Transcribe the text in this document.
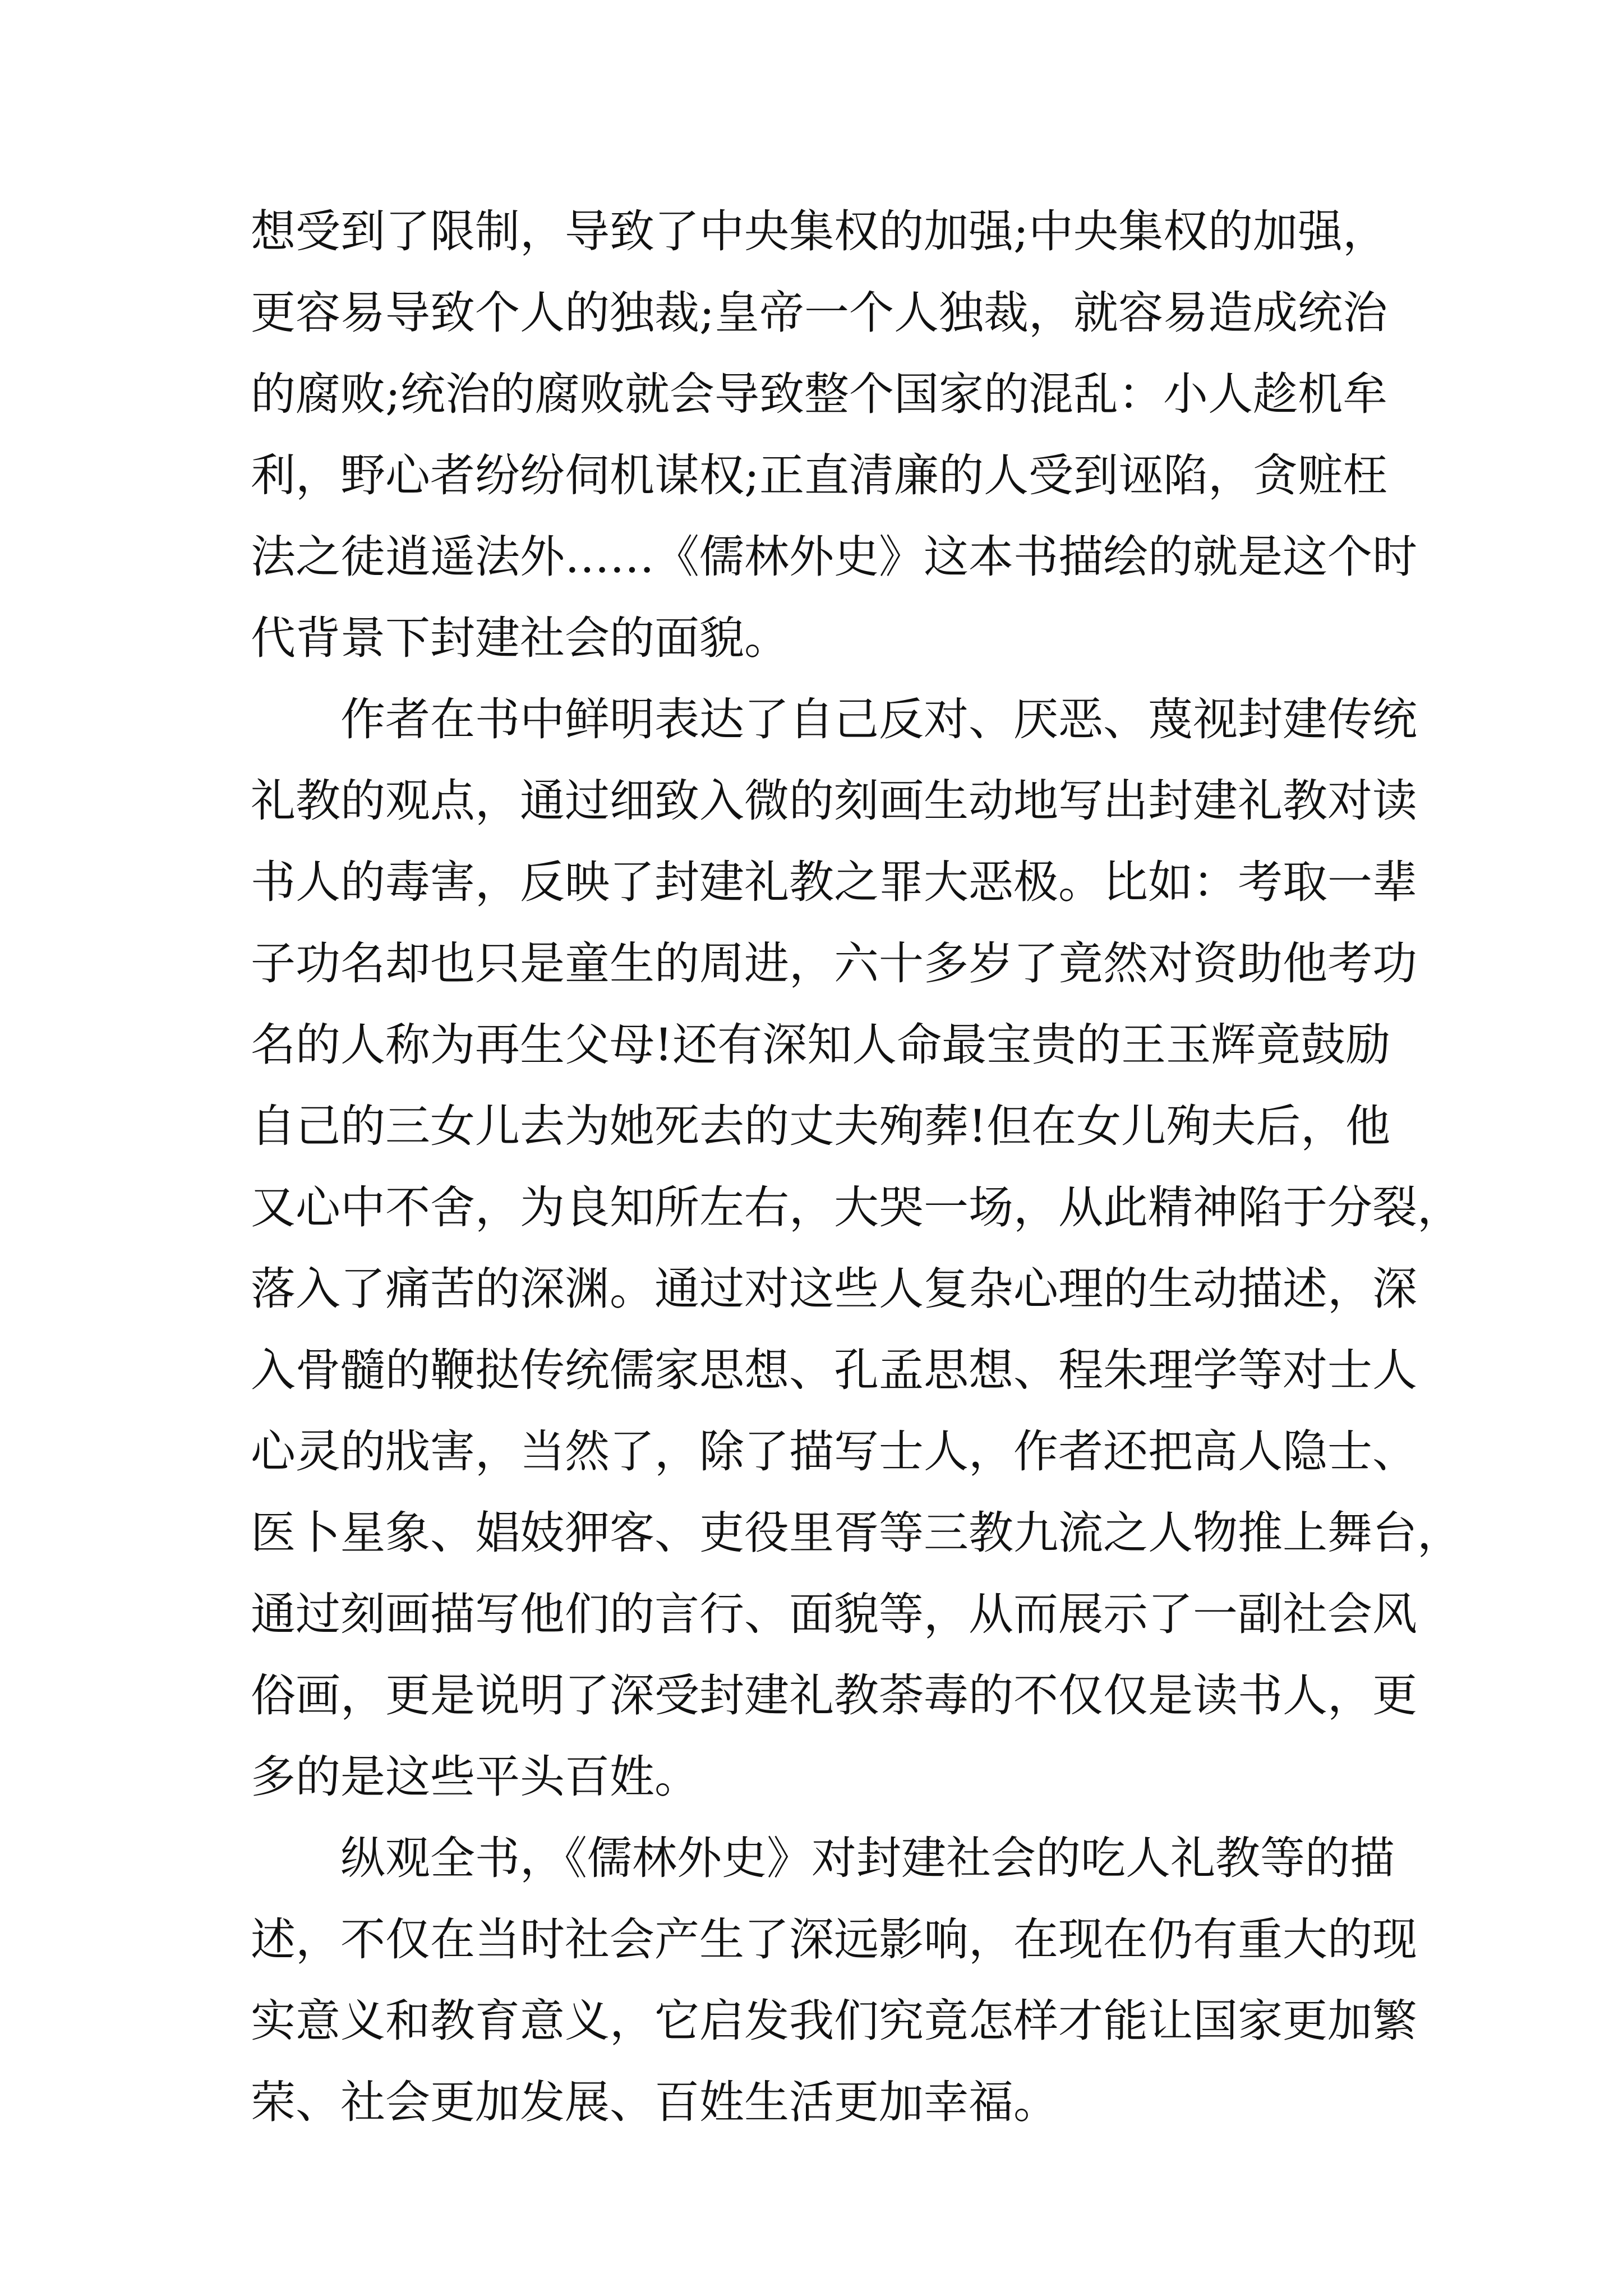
想受到了限制，导致了中央集权的加强;中央集权的加强，
更容易导致个人的独裁;皇帝一个人独裁，就容易造成统治
的腐败;统治的腐败就会导致整个国家的混乱：小人趁机牟
利，野心者纷纷伺机谋权;正直清廉的人受到诬陷，贪赃枉
法之徒逍遥法外……《儒林外史》这本书描绘的就是这个时
代背景下封建社会的面貌。
　　作者在书中鲜明表达了自己反对、厌恶、蔑视封建传统
礼教的观点，通过细致入微的刻画生动地写出封建礼教对读
书人的毒害，反映了封建礼教之罪大恶极。比如：考取一辈
子功名却也只是童生的周进，六十多岁了竟然对资助他考功
名的人称为再生父母!还有深知人命最宝贵的王玉辉竟鼓励
自己的三女儿去为她死去的丈夫殉葬!但在女儿殉夫后，他
又心中不舍，为良知所左右，大哭一场，从此精神陷于分裂，
落入了痛苦的深渊。通过对这些人复杂心理的生动描述，深
入骨髓的鞭挞传统儒家思想、孔孟思想、程朱理学等对士人
心灵的戕害，当然了，除了描写士人，作者还把高人隐士、
医卜星象、娼妓狎客、吏役里胥等三教九流之人物推上舞台，
通过刻画描写他们的言行、面貌等，从而展示了一副社会风
俗画，更是说明了深受封建礼教荼毒的不仅仅是读书人，更
多的是这些平头百姓。
　　纵观全书，《儒林外史》对封建社会的吃人礼教等的描
述，不仅在当时社会产生了深远影响，在现在仍有重大的现
实意义和教育意义，它启发我们究竟怎样才能让国家更加繁
荣、社会更加发展、百姓生活更加幸福。
